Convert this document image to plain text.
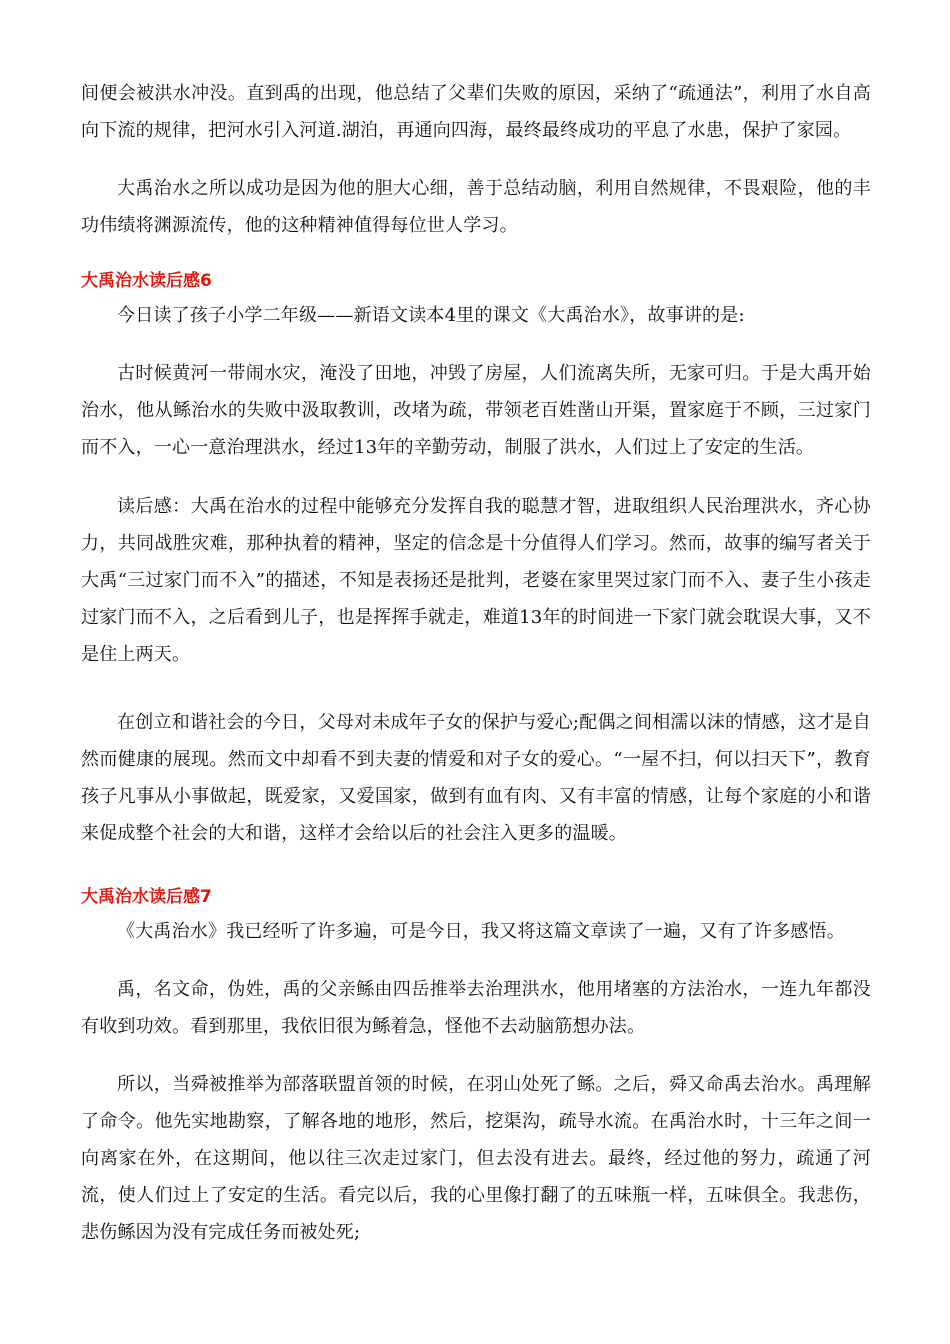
间便会被洪水冲没。直到禹的出现，他总结了父辈们失败的原因，采纳了“疏通法”，利用了水自高向下流的规律，把河水引入河道.湖泊，再通向四海，最终最终成功的平息了水患，保护了家园。

大禹治水之所以成功是因为他的胆大心细，善于总结动脑，利用自然规律，不畏艰险，他的丰功伟绩将渊源流传，他的这种精神值得每位世人学习。

大禹治水读后感6

今日读了孩子小学二年级——新语文读本4里的课文《大禹治水》，故事讲的是:

古时候黄河一带闹水灾，淹没了田地，冲毁了房屋，人们流离失所，无家可归。于是大禹开始治水，他从鲧治水的失败中汲取教训，改堵为疏，带领老百姓凿山开渠，置家庭于不顾，三过家门而不入，一心一意治理洪水，经过13年的辛勤劳动，制服了洪水，人们过上了安定的生活。

读后感：大禹在治水的过程中能够充分发挥自我的聪慧才智，进取组织人民治理洪水，齐心协力，共同战胜灾难，那种执着的精神，坚定的信念是十分值得人们学习。然而，故事的编写者关于大禹“三过家门而不入”的描述，不知是表扬还是批判，老婆在家里哭过家门而不入、妻子生小孩走过家门而不入，之后看到儿子，也是挥挥手就走，难道13年的时间进一下家门就会耽误大事，又不是住上两天。

在创立和谐社会的今日，父母对未成年子女的保护与爱心;配偶之间相濡以沫的情感，这才是自然而健康的展现。然而文中却看不到夫妻的情爱和对子女的爱心。“一屋不扫，何以扫天下”，教育孩子凡事从小事做起，既爱家，又爱国家，做到有血有肉、又有丰富的情感，让每个家庭的小和谐来促成整个社会的大和谐，这样才会给以后的社会注入更多的温暖。

大禹治水读后感7

《大禹治水》我已经听了许多遍，可是今日，我又将这篇文章读了一遍，又有了许多感悟。

禹，名文命，伪姓，禹的父亲鲧由四岳推举去治理洪水，他用堵塞的方法治水，一连九年都没有收到功效。看到那里，我依旧很为鲧着急，怪他不去动脑筋想办法。

所以，当舜被推举为部落联盟首领的时候，在羽山处死了鲧。之后，舜又命禹去治水。禹理解了命令。他先实地勘察，了解各地的地形，然后，挖渠沟，疏导水流。在禹治水时，十三年之间一向离家在外，在这期间，他以往三次走过家门，但去没有进去。最终，经过他的努力，疏通了河流，使人们过上了安定的生活。看完以后，我的心里像打翻了的五味瓶一样，五味俱全。我悲伤，悲伤鲧因为没有完成任务而被处死;
